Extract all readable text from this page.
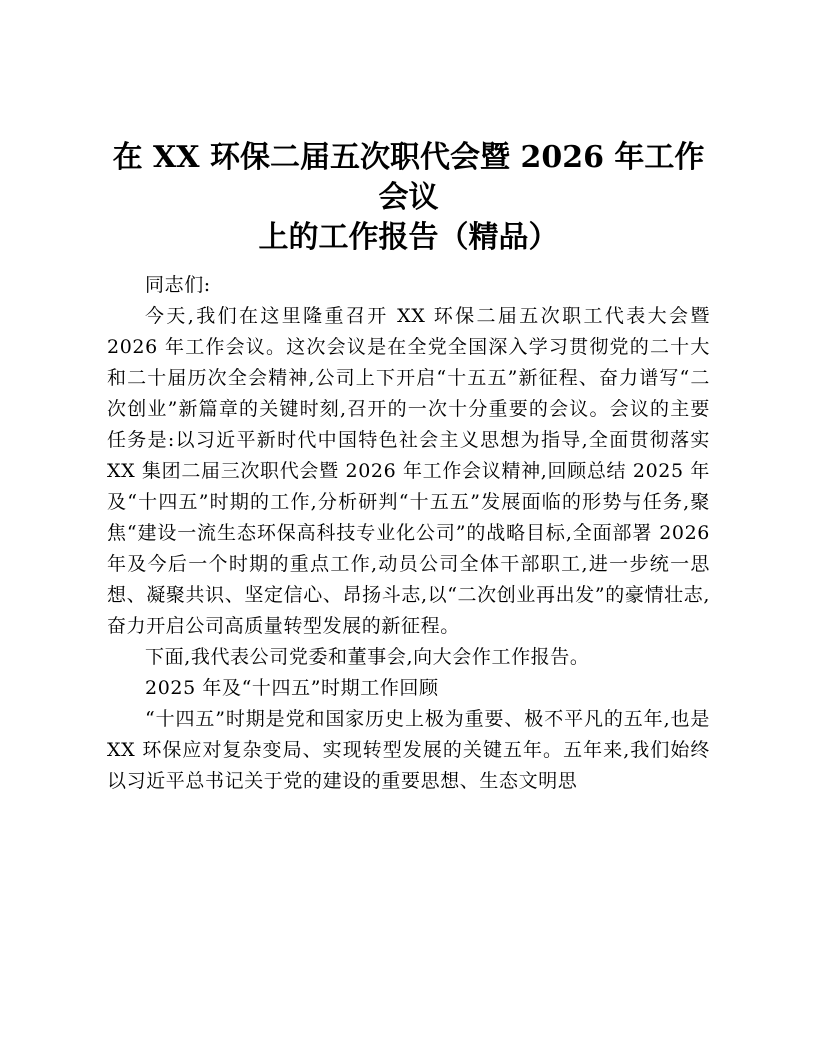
在 XX 环保二届五次职代会暨 2026 年工作会议
上的工作报告（精品）

同志们:

今天,我们在这里隆重召开 XX 环保二届五次职工代表大会暨 2026 年工作会议。这次会议是在全党全国深入学习贯彻党的二十大和二十届历次全会精神,公司上下开启“十五五”新征程、奋力谱写“二次创业”新篇章的关键时刻,召开的一次十分重要的会议。会议的主要任务是:以习近平新时代中国特色社会主义思想为指导,全面贯彻落实 XX 集团二届三次职代会暨 2026 年工作会议精神,回顾总结 2025 年及“十四五”时期的工作,分析研判“十五五”发展面临的形势与任务,聚焦“建设一流生态环保高科技专业化公司”的战略目标,全面部署 2026 年及今后一个时期的重点工作,动员公司全体干部职工,进一步统一思想、凝聚共识、坚定信心、昂扬斗志,以“二次创业再出发”的豪情壮志,奋力开启公司高质量转型发展的新征程。

下面,我代表公司党委和董事会,向大会作工作报告。

2025 年及“十四五”时期工作回顾

“十四五”时期是党和国家历史上极为重要、极不平凡的五年,也是 XX 环保应对复杂变局、实现转型发展的关键五年。五年来,我们始终以习近平总书记关于党的建设的重要思想、生态文明思
